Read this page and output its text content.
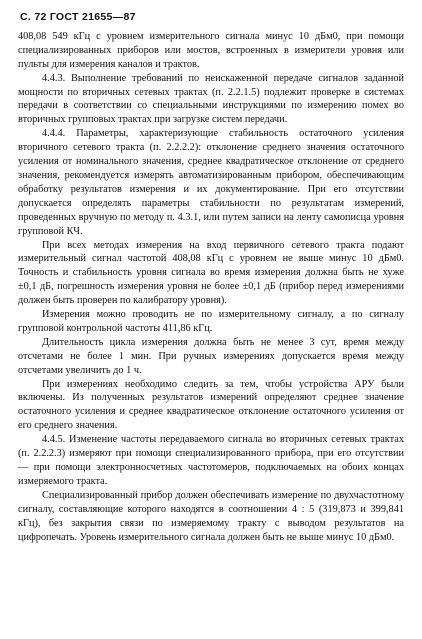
С. 72 ГОСТ 21655—87

408,08 549 кГц с уровнем измерительного сигнала минус 10 дБм0, при помощи специализированных приборов или мостов, встроенных в измерители уровня или пульты для измерения каналов и трактов.

4.4.3. Выполнение требований по неискаженной передаче сигналов заданной мощности по вторичных сетевых трактах (п. 2.2.1.5) подлежит проверке в системах передачи в соответствии со специальными инструкциями по измерению помех во вторичных групповых трактах при загрузке систем передачи.

4.4.4. Параметры, характеризующие стабильность остаточного усиления вторичного сетевого тракта (п. 2.2.2.2): отклонение среднего значения остаточного усиления от номинального значения, среднее квадратическое отклонение от среднего значения, рекомендуется измерять автоматизированным прибором, обеспечивающим обработку результатов измерения и их документирование. При его отсутствии допускается определять параметры стабильности по результатам измерений, проведенных вручную по методу п. 4.3.1, или путем записи на ленту самописца уровня групповой КЧ.

При всех методах измерения на вход первичного сетевого тракта подают измерительный сигнал частотой 408,08 кГц с уровнем не выше минус 10 дБм0. Точность и стабильность уровня сигнала во время измерения должна быть не хуже ±0,1 дБ, погрешность измерения уровня не более ±0,1 дБ (прибор перед измерениями должен быть проверен по калибратору уровня).

Измерения можно проводить не по измерительному сигналу, а по сигналу групповой контрольной частоты 411,86 кГц.

Длительность цикла измерения должна быть не менее 3 сут, время между отсчетами не более 1 мин. При ручных измерениях допускается время между отсчетами увеличить до 1 ч.

При измерениях необходимо следить за тем, чтобы устройства АРУ были включены. Из полученных результатов измерений определяют среднее значение остаточного усиления и среднее квадратическое отклонение остаточного усиления от его среднего значения.

4.4.5. Изменение частоты передаваемого сигнала во вторичных сетевых трактах (п. 2.2.2.3) измеряют при помощи специализированного прибора, при его отсутствии — при помощи электронносчетных частотомеров, подключаемых на обоих концах измеряемого тракта.

Специализированный прибор должен обеспечивать измерение по двухчастотному сигналу, составляющие которого находятся в соотношении 4 : 5 (319,873 и 399,841 кГц), без закрытия связи по измеряемому тракту с выводом результатов на цифропечать. Уровень измерительного сигнала должен быть не выше минус 10 дБм0.
